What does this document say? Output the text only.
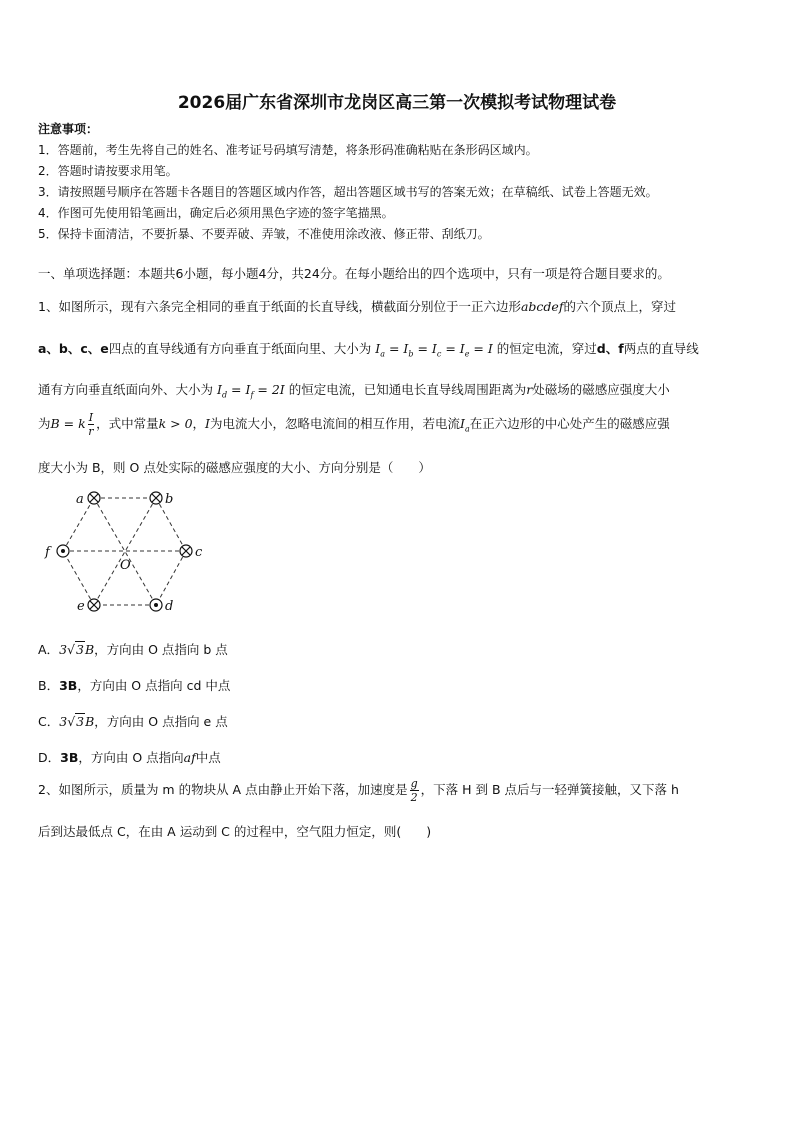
2026届广东省深圳市龙岗区高三第一次模拟考试物理试卷
注意事项：
1．答题前，考生先将自己的姓名、准考证号码填写清楚，将条形码准确粘贴在条形码区域内。
2．答题时请按要求用笔。
3．请按照题号顺序在答题卡各题目的答题区域内作答，超出答题区域书写的答案无效；在草稿纸、试卷上答题无效。
4．作图可先使用铅笔画出，确定后必须用黑色字迹的签字笔描黑。
5．保持卡面清洁，不要折暴、不要弄破、弄皱，不准使用涂改液、修正带、刮纸刀。
一、单项选择题：本题共6小题，每小题4分，共24分。在每小题给出的四个选项中，只有一项是符合题目要求的。
1、如图所示，现有六条完全相同的垂直于纸面的长直导线，横截面分别位于一正六边形abcdef的六个顶点上，穿过
a、b、c、e四点的直导线通有方向垂直于纸面向里、大小为 $I_a = I_b = I_c = I_e = I$ 的恒定电流，穿过d、f两点的直导线
通有方向垂直纸面向外、大小为 $I_d = I_f = 2I$ 的恒定电流，已知通电长直导线周围距离为r处磁场的磁感应强度大小
为B = k $\frac{I}{r}$ ，式中常量k > 0，I为电流大小，忽略电流间的相互作用，若电流$I_a$在正六边形的中心处产生的磁感应强
度大小为 B，则 O 点处实际的磁感应强度的大小、方向分别是（　　）
a	b
c
d
e
f
O
A．3√3B，方向由 O 点指向 b 点
B．3B，方向由 O 点指向 cd 中点
C．3√3B，方向由 O 点指向 e 点
D．3B，方向由 O 点指向af中点
2、如图所示，质量为 m 的物块从 A 点由静止开始下落，加速度是 $\frac{g}{2}$ ，下落 H 到 B 点后与一轻弹簧接触，又下落 h
后到达最低点 C，在由 A 运动到 C 的过程中，空气阻力恒定，则(　　)
